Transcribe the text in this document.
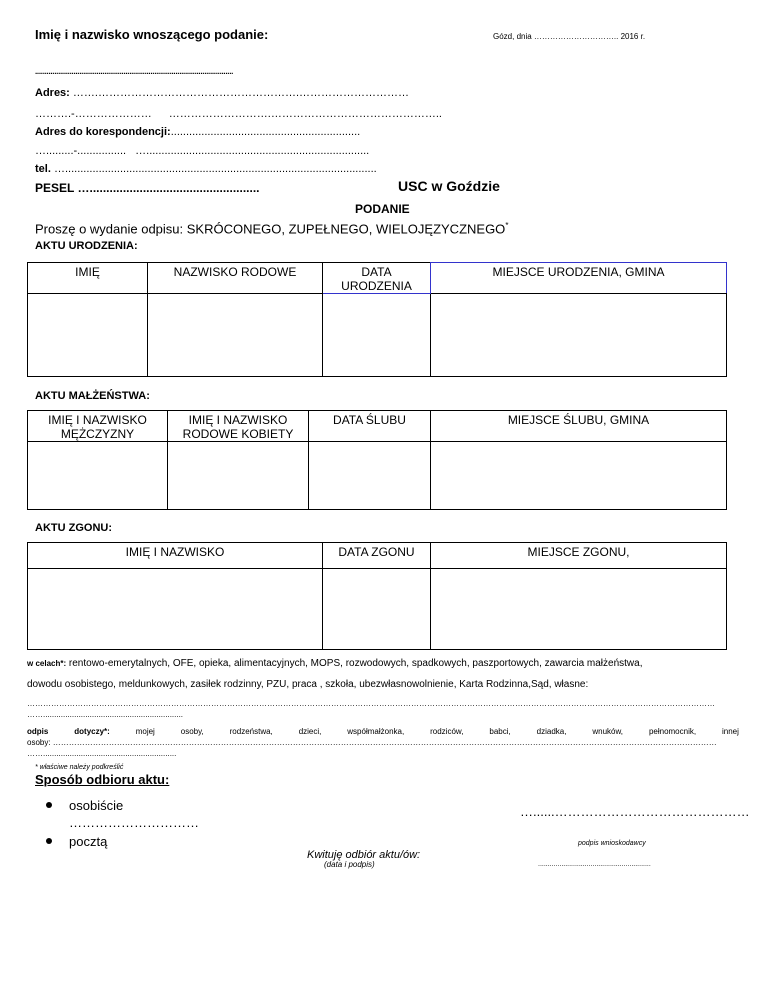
Imię i nazwisko wnoszącego podanie:	Gózd, dnia ………………………….. 2016 r.
.......................................................................................................
Adres: …….……………………………………………….…………………………
……….-………………… ……………………….………………………………………..
Adres do korespondencji:..............................................................
….........-................ ….........................................................................
tel. …......................................................................................................
PESEL …...................................................	USC w Goździe
PODANIE
Proszę o wydanie odpisu: SKRÓCONEGO, ZUPEŁNEGO, WIELOJĘZYCZNEGO*
AKTU URODZENIA:
IMIĘ	NAZWISKO RODOWE	DATA URODZENIA	MIEJSCE URODZENIA, GMINA

AKTU MAŁŻEŃSTWA:
IMIĘ I NAZWISKO MĘŻCZYZNY	IMIĘ I NAZWISKO RODOWE KOBIETY	DATA ŚLUBU	MIEJSCE ŚLUBU, GMINA

AKTU ZGONU:
IMIĘ I NAZWISKO	DATA ZGONU	MIEJSCE ZGONU,

w celach*: rentowo-emerytalnych, OFE, opieka, alimentacyjnych, MOPS, rozwodowych, spadkowych, paszportowych, zawarcia małżeństwa,
dowodu osobistego, meldunkowych, zasiłek rodzinny, PZU, praca , szkoła, ubezwłasnowolnienie, Karta Rodzinna,Sąd, własne:
……………………………………………………………………………………………………………………………………………………………………………………………………………………………………
……...............................................................
odpis	dotyczy*:	mojej	osoby,	rodzeństwa,	dzieci,	współmałżonka,	rodziców,	babci,	dziadka,	wnuków,	pełnomocnik,	innej
osoby: ……………………………………………………………………………………………………………………………………………………………………………………………………………………………
……............................................................
* właściwe należy podkreślić
Sposób odbioru aktu:
osobiście
…………………………
pocztą
…......………………………………………
podpis wnioskodawcy
Kwituję odbiór aktu/ów:
(data i podpis)	..........................................................
